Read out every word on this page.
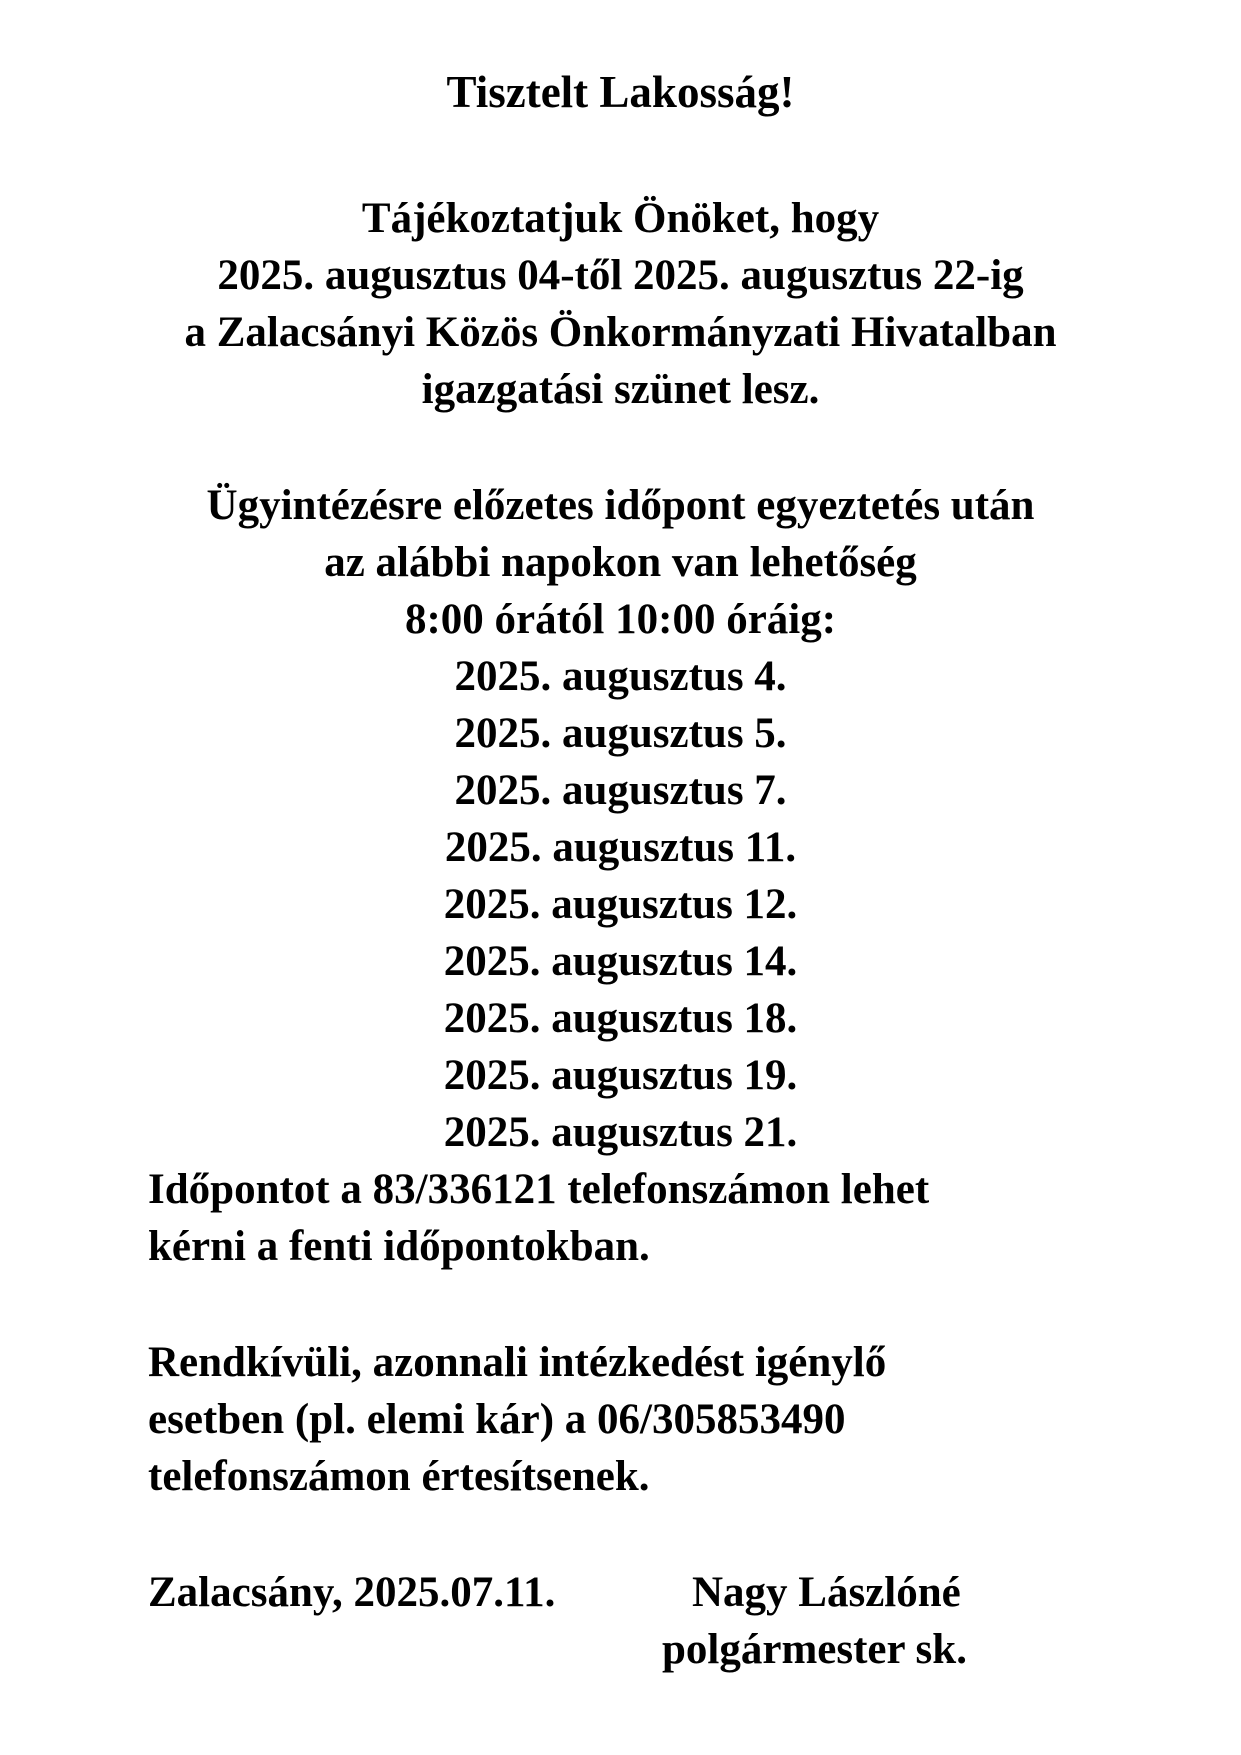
Tisztelt Lakosság!
Tájékoztatjuk Önöket, hogy
2025. augusztus 04-től 2025. augusztus 22-ig
a Zalacsányi Közös Önkormányzati Hivatalban
igazgatási szünet lesz.
Ügyintézésre előzetes időpont egyeztetés után
az alábbi napokon van lehetőség
8:00 órától 10:00 óráig:
2025. augusztus 4.
2025. augusztus 5.
2025. augusztus 7.
2025. augusztus 11.
2025. augusztus 12.
2025. augusztus 14.
2025. augusztus 18.
2025. augusztus 19.
2025. augusztus 21.
Időpontot a 83/336121 telefonszámon lehet
kérni a fenti időpontokban.
Rendkívüli, azonnali intézkedést igénylő
esetben (pl. elemi kár) a 06/305853490
telefonszámon értesítsenek.
Zalacsány, 2025.07.11.	Nagy Lászlóné
polgármester sk.
